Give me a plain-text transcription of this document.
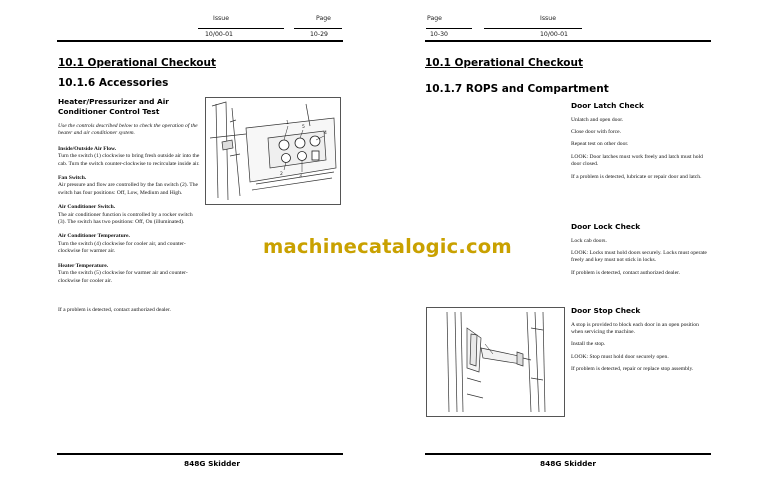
Issue	Page
10/00-01	10-29
10.1 Operational Checkout
10.1.6 Accessories
Heater/Pressurizer and Air Conditioner Control Test
Use the controls described below to check the operation of the heater and air conditioner system.
Inside/Outside Air Flow.
Turn the switch (1) clockwise to bring fresh outside air into the cab. Turn the switch counter-clockwise to recirculate inside air.
Fan Switch.
Air pressure and flow are controlled by the fan switch (2). The switch has four positions: Off, Low, Medium and High.
Air Conditioner Switch.
The air conditioner function is controlled by a rocker switch (3). The switch has two positions: Off, On (illuminated).
Air Conditioner Temperature.
Turn the switch (4) clockwise for cooler air, and counter-clockwise for warmer air.
Heater Temperature.
Turn the switch (5) clockwise for warmer air and counter-clockwise for cooler air.
If a problem is detected, contact authorized dealer.
1
2	3
4
5
848G Skidder
Page	Issue
10-30	10/00-01
10.1 Operational Checkout
10.1.7 ROPS and Compartment
Door Latch Check
Unlatch and open door.
Close door with force.
Repeat test on other door.
LOOK: Door latches must work freely and latch must hold door closed.
If a problem is detected, lubricate or repair door and latch.
Door Lock Check
Lock cab doors.
LOOK: Locks must hold doors securely. Locks must operate freely and key must not stick in locks.
If problem is detected, contact authorized dealer.
Door Stop Check
A stop is provided to block each door in an open position when servicing the machine.
Install the stop.
LOOK: Stop must hold door securely open.
If problem is detected, repair or replace stop assembly.
848G Skidder
machinecatalogic.com
